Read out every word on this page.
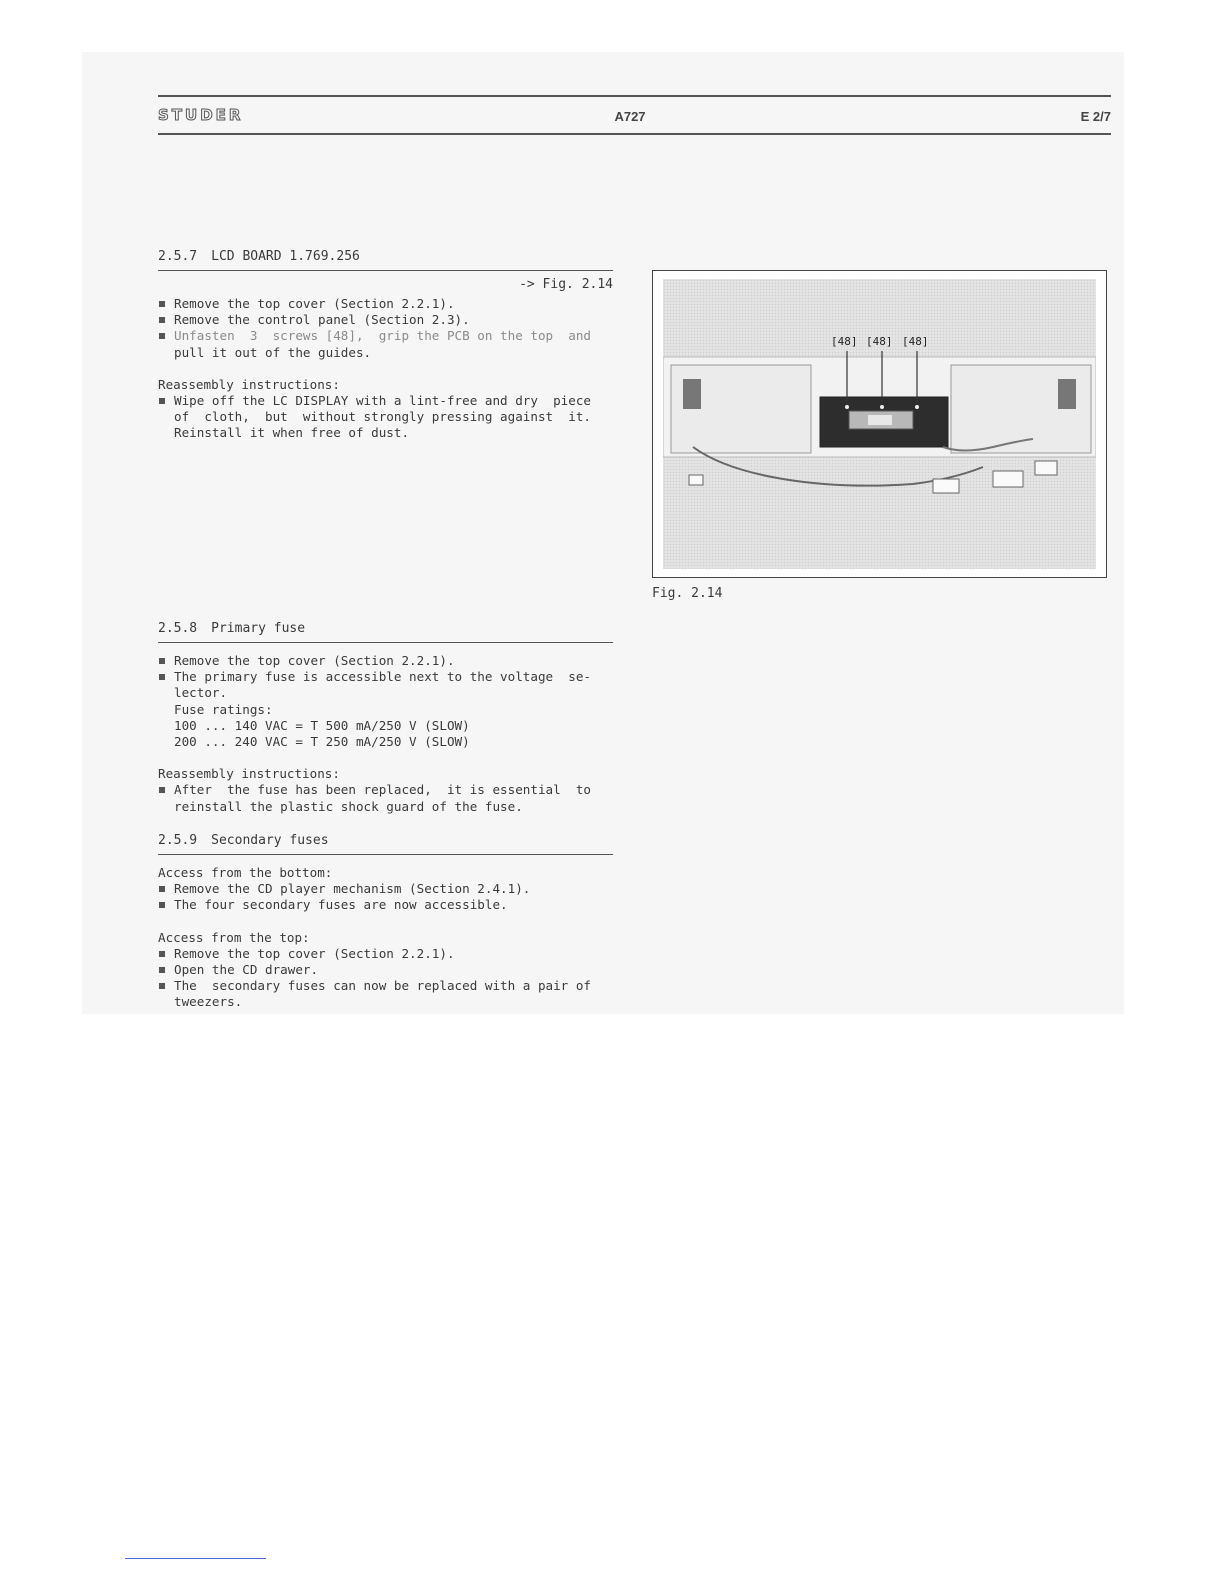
STUDER	A727	E 2/7
2.5.7 LCD BOARD 1.769.256
-> Fig. 2.14
Remove the top cover (Section 2.2.1).
Remove the control panel (Section 2.3).
Unfasten  3  screws [48],  grip the PCB on the top  and
pull it out of the guides.
Reassembly instructions:
Wipe off the LC DISPLAY with a lint-free and dry  piece
of  cloth,  but  without strongly pressing against  it.
Reinstall it when free of dust.
[48] [48] [48]
Fig. 2.14
2.5.8 Primary fuse
Remove the top cover (Section 2.2.1).
The primary fuse is accessible next to the voltage  se-
lector.
Fuse ratings:
100 ... 140 VAC = T 500 mA/250 V (SLOW)
200 ... 240 VAC = T 250 mA/250 V (SLOW)
Reassembly instructions:
After  the fuse has been replaced,  it is essential  to
reinstall the plastic shock guard of the fuse.
2.5.9 Secondary fuses
Access from the bottom:
Remove the CD player mechanism (Section 2.4.1).
The four secondary fuses are now accessible.
Access from the top:
Remove the top cover (Section 2.2.1).
Open the CD drawer.
The  secondary fuses can now be replaced with a pair of
tweezers.
